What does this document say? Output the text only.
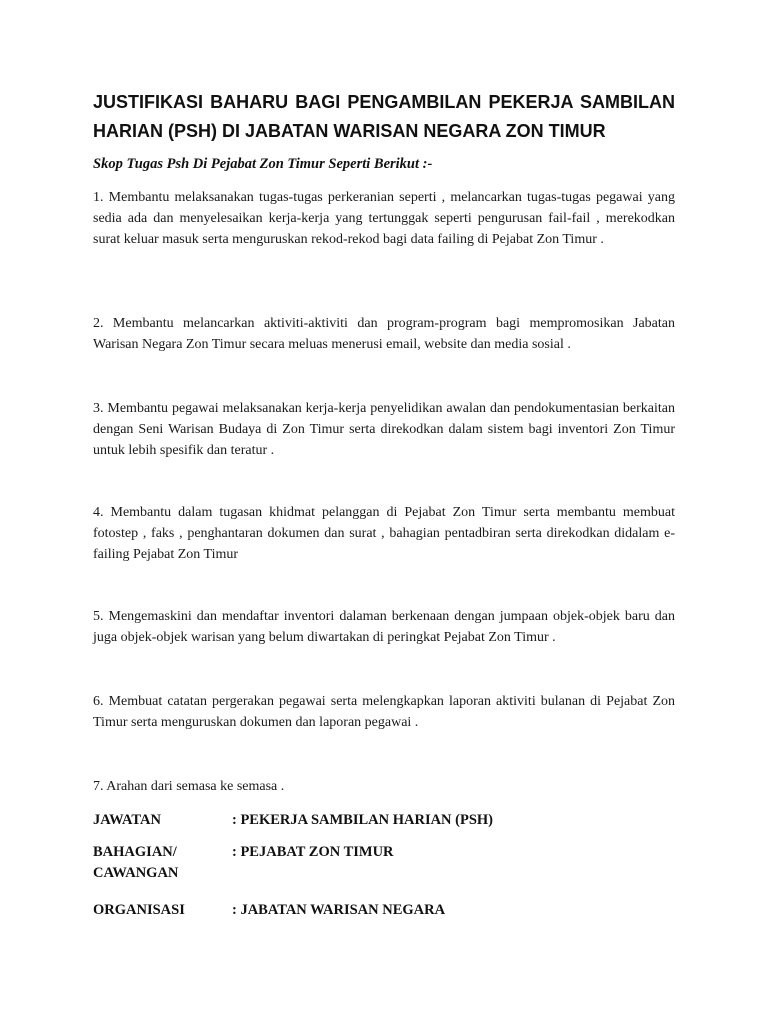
JUSTIFIKASI BAHARU BAGI PENGAMBILAN PEKERJA SAMBILAN HARIAN (PSH) DI JABATAN WARISAN NEGARA ZON TIMUR

Skop Tugas Psh Di Pejabat Zon Timur Seperti Berikut :-

1. Membantu melaksanakan tugas-tugas perkeranian seperti , melancarkan tugas-tugas pegawai yang sedia ada dan menyelesaikan kerja-kerja yang tertunggak seperti pengurusan fail-fail , merekodkan surat keluar masuk serta menguruskan rekod-rekod bagi data failing di Pejabat Zon Timur .

2. Membantu melancarkan aktiviti-aktiviti dan program-program bagi mempromosikan Jabatan Warisan Negara Zon Timur secara meluas menerusi email, website dan media sosial .

3. Membantu pegawai melaksanakan kerja-kerja penyelidikan awalan dan pendokumentasian berkaitan dengan Seni Warisan Budaya di Zon Timur serta direkodkan dalam sistem bagi inventori Zon Timur untuk lebih spesifik dan teratur .

4. Membantu dalam tugasan khidmat pelanggan di Pejabat Zon Timur serta membantu membuat fotostep , faks , penghantaran dokumen dan surat , bahagian pentadbiran serta direkodkan didalam e-failing Pejabat Zon Timur

5. Mengemaskini dan mendaftar inventori dalaman berkenaan dengan jumpaan objek-objek baru dan juga objek-objek warisan yang belum diwartakan di peringkat Pejabat Zon Timur .

6. Membuat catatan pergerakan pegawai serta melengkapkan laporan aktiviti bulanan di Pejabat Zon Timur serta menguruskan dokumen dan laporan pegawai .

7. Arahan dari semasa ke semasa .

JAWATAN	: PEKERJA SAMBILAN HARIAN (PSH)
BAHAGIAN/
CAWANGAN
: PEJABAT ZON TIMUR
ORGANISASI	: JABATAN WARISAN NEGARA
